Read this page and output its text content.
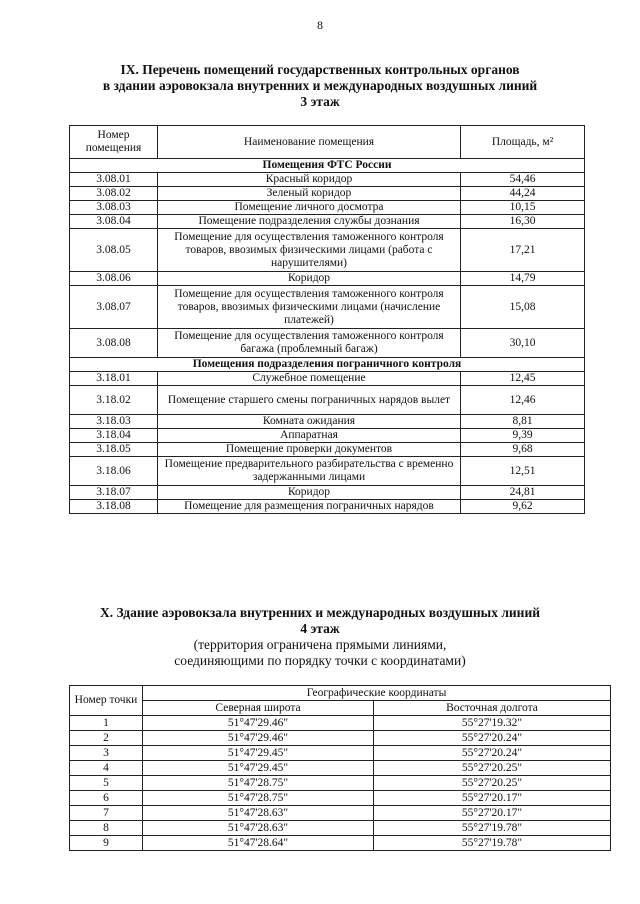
8
IX. Перечень помещений государственных контрольных органов
в здании аэровокзала внутренних и международных воздушных линий
3 этаж
Номер помещения	Наименование помещения	Площадь, м²
Помещения ФТС России		
3.08.01	Красный коридор	54,46
3.08.02	Зеленый коридор	44,24
3.08.03	Помещение личного досмотра	10,15
3.08.04	Помещение подразделения службы дознания	16,30
3.08.05	Помещение для осуществления таможенного контроля товаров, ввозимых физическими лицами (работа с нарушителями)	17,21
3.08.06	Коридор	14,79
3.08.07	Помещение для осуществления таможенного контроля товаров, ввозимых физическими лицами (начисление платежей)	15,08
3.08.08	Помещение для осуществления таможенного контроля багажа (проблемный багаж)	30,10
Помещения подразделения пограничного контроля		
3.18.01	Служебное помещение	12,45
3.18.02	Помещение старшего смены пограничных нарядов вылет	12,46
3.18.03	Комната ожидания	8,81
3.18.04	Аппаратная	9,39
3.18.05	Помещение проверки документов	9,68
3.18.06	Помещение предварительного разбирательства с временно задержанными лицами	12,51
3.18.07	Коридор	24,81
3.18.08	Помещение для размещения пограничных нарядов	9,62
X. Здание аэровокзала внутренних и международных воздушных линий
4 этаж
(территория ограничена прямыми линиями,
соединяющими по порядку точки с координатами)
Номер точки	Географические координаты	
	Северная широта	Восточная долгота
1	51°47'29.46"	55°27'19.32"
2	51°47'29.46"	55°27'20.24"
3	51°47'29.45"	55°27'20.24"
4	51°47'29.45"	55°27'20.25"
5	51°47'28.75"	55°27'20.25"
6	51°47'28.75"	55°27'20.17"
7	51°47'28.63"	55°27'20.17"
8	51°47'28.63"	55°27'19.78"
9	51°47'28.64"	55°27'19.78"
